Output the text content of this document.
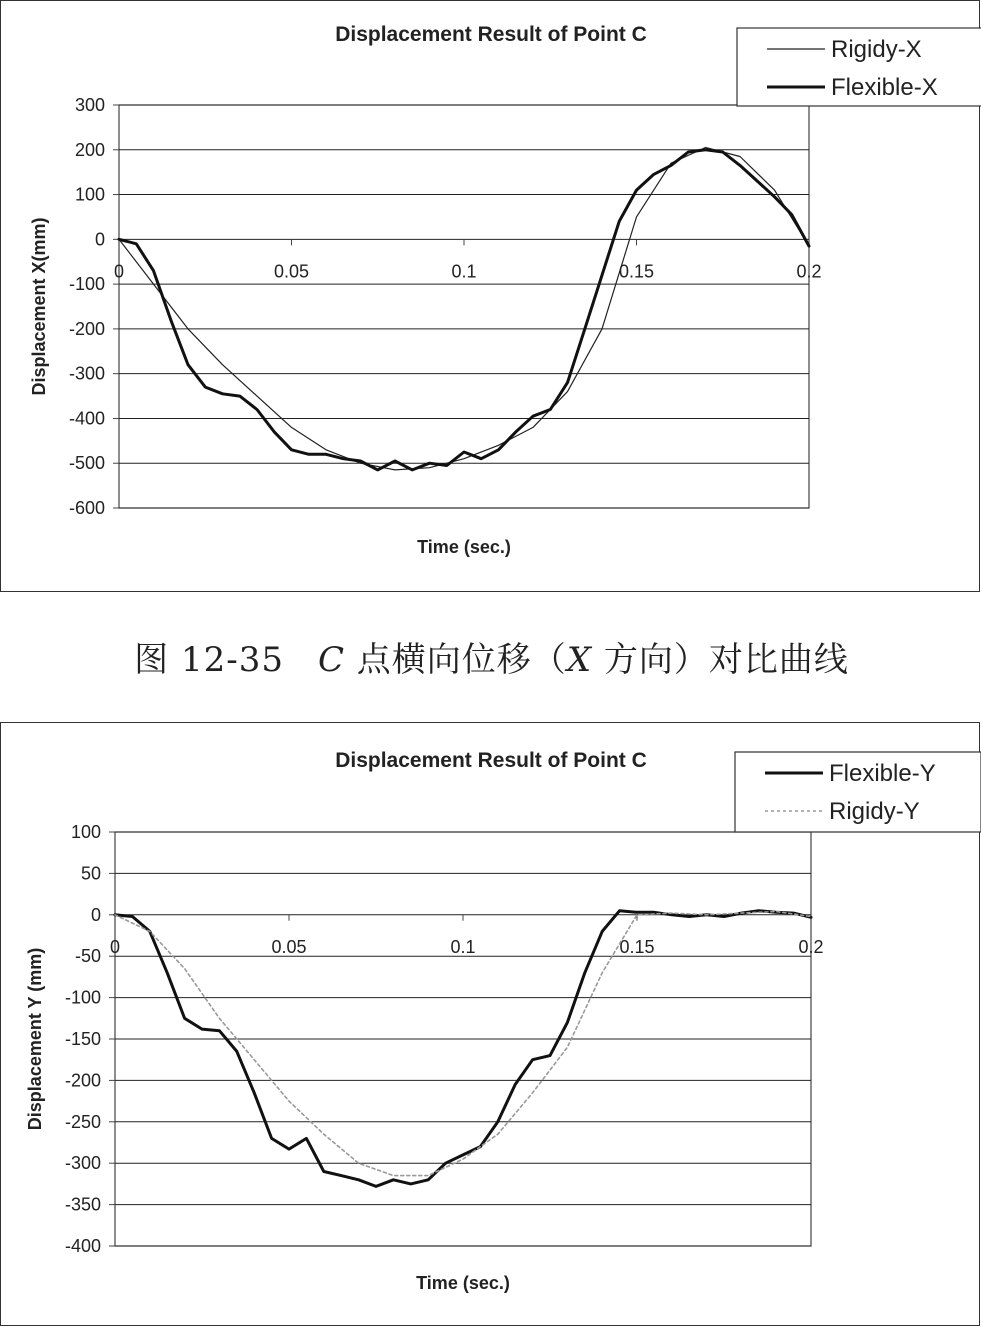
300
200
100
0
-100
-200
-300
-400
-500
-600
0	0.05	0.1	0.15	0.2
Displacement Result of Point C
Time (sec.)
Displacement X(mm)
Rigidy-X
Flexible-X
图 12-35 C 点横向位移（X 方向）对比曲线
100
50
0
-50
-100
-150
-200
-250
-300
-350
-400
0	0.05	0.1	0.15	0.2
Displacement Result of Point C
Time (sec.)
Displacement Y (mm)
Flexible-Y
Rigidy-Y
